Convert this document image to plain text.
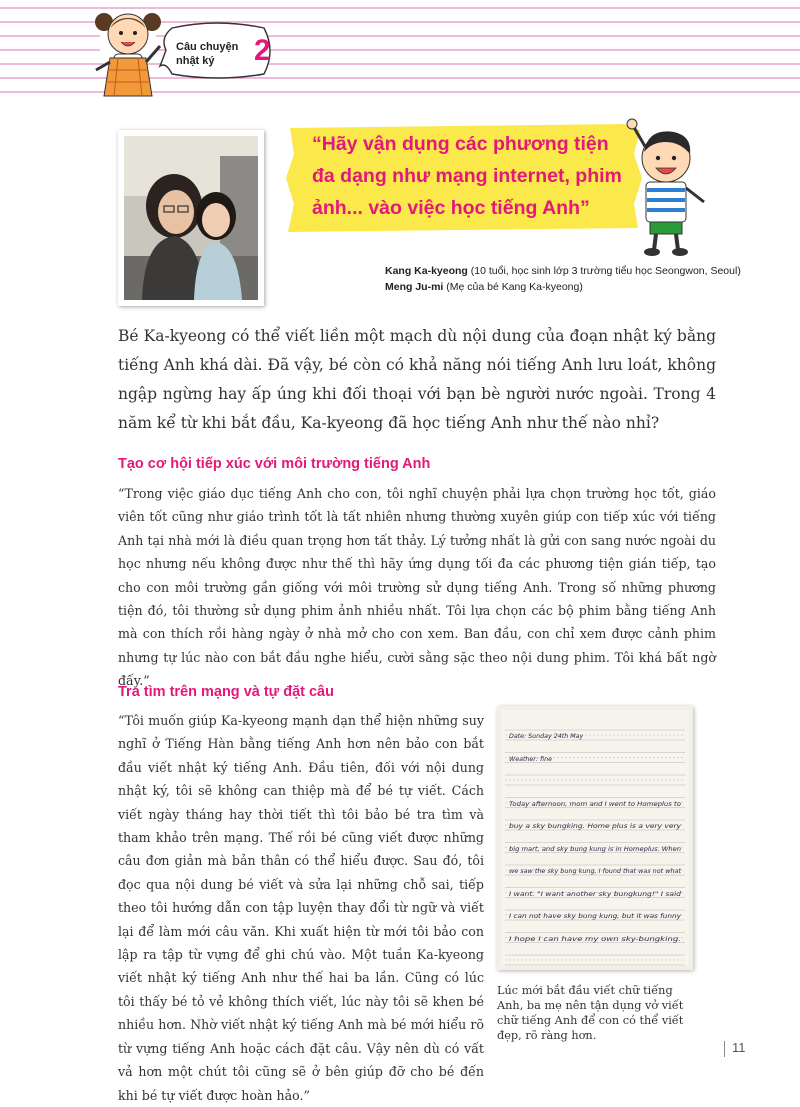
Câu chuyện nhật ký	2
“Hãy vận dụng các phương tiện đa dạng như mạng internet, phim ảnh... vào việc học tiếng Anh”
Kang Ka-kyeong (10 tuổi, học sinh lớp 3 trường tiểu học Seongwon, Seoul)
Meng Ju-mi (Mẹ của bé Kang Ka-kyeong)
Bé Ka-kyeong có thể viết liền một mạch dù nội dung của đoạn nhật ký bằng tiếng Anh khá dài. Đã vậy, bé còn có khả năng nói tiếng Anh lưu loát, không ngập ngừng hay ấp úng khi đối thoại với bạn bè người nước ngoài. Trong 4 năm kể từ khi bắt đầu, Ka-kyeong đã học tiếng Anh như thế nào nhỉ?
Tạo cơ hội tiếp xúc với môi trường tiếng Anh
“Trong việc giáo dục tiếng Anh cho con, tôi nghĩ chuyện phải lựa chọn trường học tốt, giáo viên tốt cũng như giáo trình tốt là tất nhiên nhưng thường xuyên giúp con tiếp xúc với tiếng Anh tại nhà mới là điều quan trọng hơn tất thảy. Lý tưởng nhất là gửi con sang nước ngoài du học nhưng nếu không được như thế thì hãy ứng dụng tối đa các phương tiện gián tiếp, tạo cho con môi trường gần giống với môi trường sử dụng tiếng Anh. Trong số những phương tiện đó, tôi thường sử dụng phim ảnh nhiều nhất. Tôi lựa chọn các bộ phim bằng tiếng Anh mà con thích rồi hàng ngày ở nhà mở cho con xem. Ban đầu, con chỉ xem được cảnh phim nhưng tự lúc nào con bắt đầu nghe hiểu, cười sằng sặc theo nội dung phim. Tôi khá bất ngờ đấy.”
Tra tìm trên mạng và tự đặt câu
“Tôi muốn giúp Ka-kyeong mạnh dạn thể hiện những suy nghĩ ở Tiếng Hàn bằng tiếng Anh hơn nên bảo con bắt đầu viết nhật ký tiếng Anh. Đầu tiên, đối với nội dung nhật ký, tôi sẽ không can thiệp mà để bé tự viết. Cách viết ngày tháng hay thời tiết thì tôi bảo bé tra tìm và tham khảo trên mạng. Thế rồi bé cũng viết được những câu đơn giản mà bản thân có thể hiểu được. Sau đó, tôi đọc qua nội dung bé viết và sửa lại những chỗ sai, tiếp theo tôi hướng dẫn con tập luyện thay đổi từ ngữ và viết lại để làm mới câu văn. Khi xuất hiện từ mới tôi bảo con lập ra tập từ vựng để ghi chú vào. Một tuần Ka-kyeong viết nhật ký tiếng Anh như thế hai ba lần. Cũng có lúc tôi thấy bé tỏ vẻ không thích viết, lúc này tôi sẽ khen bé nhiều hơn. Nhờ viết nhật ký tiếng Anh mà bé mới hiểu rõ từ vựng tiếng Anh hoặc cách đặt câu. Vậy nên dù có vất vả hơn một chút tôi cũng sẽ ở bên giúp đỡ cho bé đến khi bé tự viết được hoàn hảo.”
Date: Sunday 24th May
Weather: fine
Today afternoon, mom and I went to Homeplus to
buy a sky bungking. Home plus is a very very
big mart, and sky bung kung is in Homeplus. When
we saw the sky bung kung, I found that was not what
I want. "I want another sky bungkung!" I said
I can not have sky bung kung, but it was funny
I hope I can have my own sky-bungking.
Lúc mới bắt đầu viết chữ tiếng Anh, ba mẹ nên tận dụng vở viết chữ tiếng Anh để con có thể viết đẹp, rõ ràng hơn.
11
